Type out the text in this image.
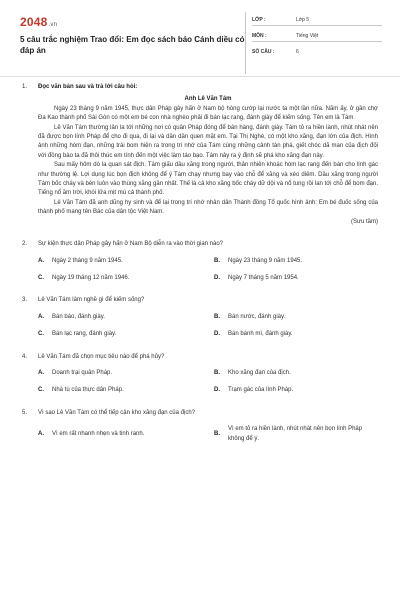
2048.vn
5 câu trắc nghiệm Trao đổi: Em đọc sách báo Cánh diều có đáp án
LỚP :	Lớp 5
MÔN :	Tiếng Việt
SỐ CÂU :	6
1. Đọc văn bản sau và trả lời câu hỏi:
Anh Lê Văn Tám
Ngày 23 tháng 9 năm 1945, thực dân Pháp gây hấn ở Nam bộ hòng cướp lại nước ta một lần nữa. Năm ấy, ở gần chợ Đa Kao thành phố Sài Gòn có một em bé con nhà nghèo phải đi bán lạc rang, đánh giày để kiếm sống. Tên em là Tám
Lê Văn Tám thường lân la tới những nơi có quân Pháp đóng để bán hàng, đánh giày. Tám tỏ ra hiền lành, nhút nhát nên đã được bọn lính Pháp để cho đi qua, đi lại và dần dần quen mặt em. Tại Thị Nghè, có một kho xăng, đạn lớn của địch. Hình ảnh những hòm đạn, những trái bom hiện ra trong trí nhớ của Tám cùng những cảnh tàn phá, giết chóc dã man của địch đối với đồng bào ta đã thôi thúc em tính đến một việc làm táo bạo. Tám nảy ra ý định sẽ phá kho xăng đạn này.
Sau mấy hôm dò la quan sát địch. Tám giấu dầu xăng trong người, thản nhiên khoác hòm lạc rang đến bán cho lính gác như thường lệ. Lợi dụng lúc bọn địch không để ý Tám chạy nhưng bay vào chỗ để xăng và xéo diêm. Dầu xăng trong người Tám bốc cháy và bén luôn vào thùng xăng gần nhất. Thế là cả kho xăng bốc cháy dữ dội và nổ tung rồi lan tới chỗ để bom đạn. Tiếng nổ ầm trời, khói lửa mịt mù cả thành phố.
Lê Văn Tám đã anh dũng hy sinh và để lại trong trí nhớ nhân dân Thành đồng Tổ quốc hình ảnh: Em bé đuốc sống của thành phố mang tên Bác của dân tộc Việt Nam.
(Sưu tầm)
2. Sự kiện thực dân Pháp gây hấn ở Nam Bộ diễn ra vào thời gian nào?
A. Ngày 2 tháng 9 năm 1945.	B. Ngày 23 tháng 9 năm 1945.
C. Ngày 19 tháng 12 năm 1946.	D. Ngày 7 tháng 5 năm 1954.
3. Lê Văn Tám làm nghề gì để kiếm sống?
A. Bán báo, đánh giày.	B. Bán nước, đánh giày.
C. Bán lạc rang, đánh giày.	D. Bán bánh mì, đánh giày.
4. Lê Văn Tám đã chọn mục tiêu nào để phá hủy?
A. Doanh trại quân Pháp.	B. Kho xăng đạn của địch.
C. Nhà tù của thực dân Pháp.	D. Trạm gác của lính Pháp.
5. Vì sao Lê Văn Tám có thể tiếp cận kho xăng đạn của địch?
A. Vì em rất nhanh nhẹn và tinh ranh.	B.
Vì em tỏ ra hiền lành, nhút nhát nên bọn lính Pháp không để ý.
